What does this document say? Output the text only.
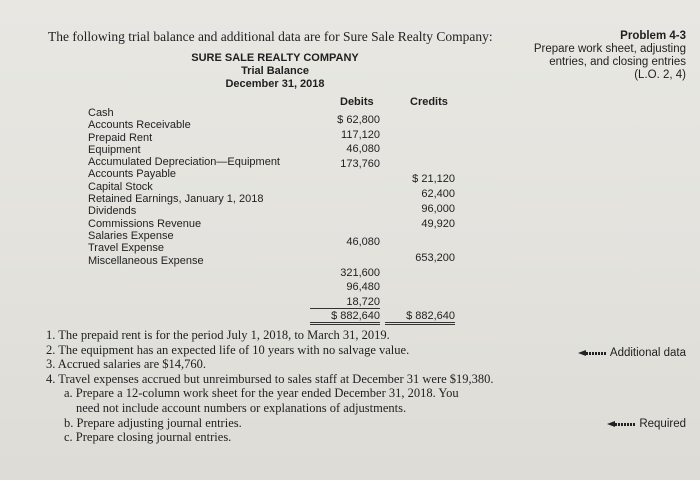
The following trial balance and additional data are for Sure Sale Realty Company:	Problem 4-3
Prepare work sheet, adjusting
entries, and closing entries
(L.O. 2, 4)
SURE SALE REALTY COMPANY
Trial Balance
December 31, 2018
Debits	Credits
Cash
Accounts Receivable
Prepaid Rent
Equipment
Accumulated Depreciation—Equipment
Accounts Payable
Capital Stock
Retained Earnings, January 1, 2018
Dividends
Commissions Revenue
Salaries Expense
Travel Expense
Miscellaneous Expense
$ 62,800
117,120
46,080
173,760
46,080
321,600
96,480
18,720
$ 882,640
$ 21,120
62,400
96,000
49,920
653,200
$ 882,640
1. The prepaid rent is for the period July 1, 2018, to March 31, 2019.
2. The equipment has an expected life of 10 years with no salvage value.
3. Accrued salaries are $14,760.
4. Travel expenses accrued but unreimbursed to sales staff at December 31 were $19,380.
a. Prepare a 12-column work sheet for the year ended December 31, 2018. You
need not include account numbers or explanations of adjustments.
b. Prepare adjusting journal entries.
c. Prepare closing journal entries.
Additional data
Required
